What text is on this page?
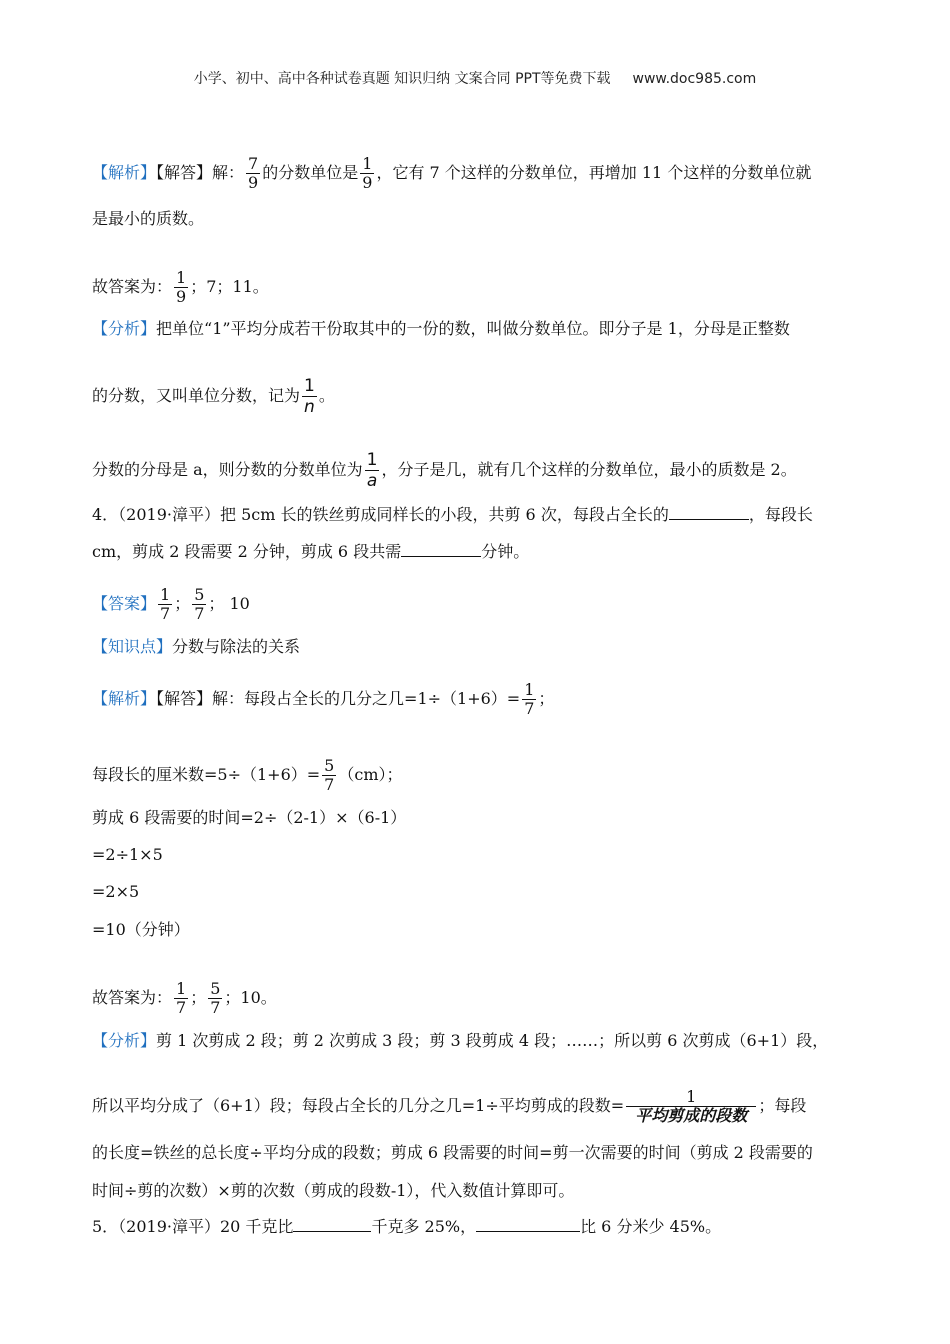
小学、初中、高中各种试卷真题 知识归纳 文案合同 PPT等免费下载 www.doc985.com
【解析】【解答】解： $\frac{7}{9}$ 的分数单位是 $\frac{1}{9}$ ，它有 7 个这样的分数单位，再增加 11 个这样的分数单位就
是最小的质数。
故答案为： $\frac{1}{9}$ ；7；11。
【分析】把单位“1”平均分成若干份取其中的一份的数，叫做分数单位。即分子是 1，分母是正整数
的分数，又叫单位分数，记为 $\frac{1}{n}$ 。
分数的分母是 a，则分数的分数单位为 $\frac{1}{a}$ ，分子是几，就有几个这样的分数单位，最小的质数是 2。
4．（2019·漳平）把 5cm 长的铁丝剪成同样长的小段，共剪 6 次，每段占全长的	，每段长
cm，剪成 2 段需要 2 分钟，剪成 6 段共需	分钟。
【答案】 $\frac{1}{7}$ ； $\frac{5}{7}$ ； 10
【知识点】分数与除法的关系
【解析】【解答】解：每段占全长的几分之几$=1\div(1+6)= \frac{1}{7}$ ；
每段长的厘米数$=5\div(1+6)= \frac{5}{7} (cm)$；
剪成 6 段需要的时间=2÷（2-1）×（6-1）
=2÷1×5
=2×5
=10（分钟）
故答案为： $\frac{1}{7}$ ； $\frac{5}{7}$ ；10。
【分析】剪 1 次剪成 2 段；剪 2 次剪成 3 段；剪 3 段剪成 4 段；……；所以剪 6 次剪成（6+1）段，
所以平均分成了（6+1）段；每段占全长的几分之几=1÷平均剪成的段数= $\frac{1}{\text{平均剪成的段数}}$ ；每段
的长度=铁丝的总长度÷平均分成的段数；剪成 6 段需要的时间=剪一次需要的时间（剪成 2 段需要的
时间÷剪的次数）×剪的次数（剪成的段数-1），代入数值计算即可。
5．（2019·漳平）20 千克比	千克多 25%，	比 6 分米少 45%。
